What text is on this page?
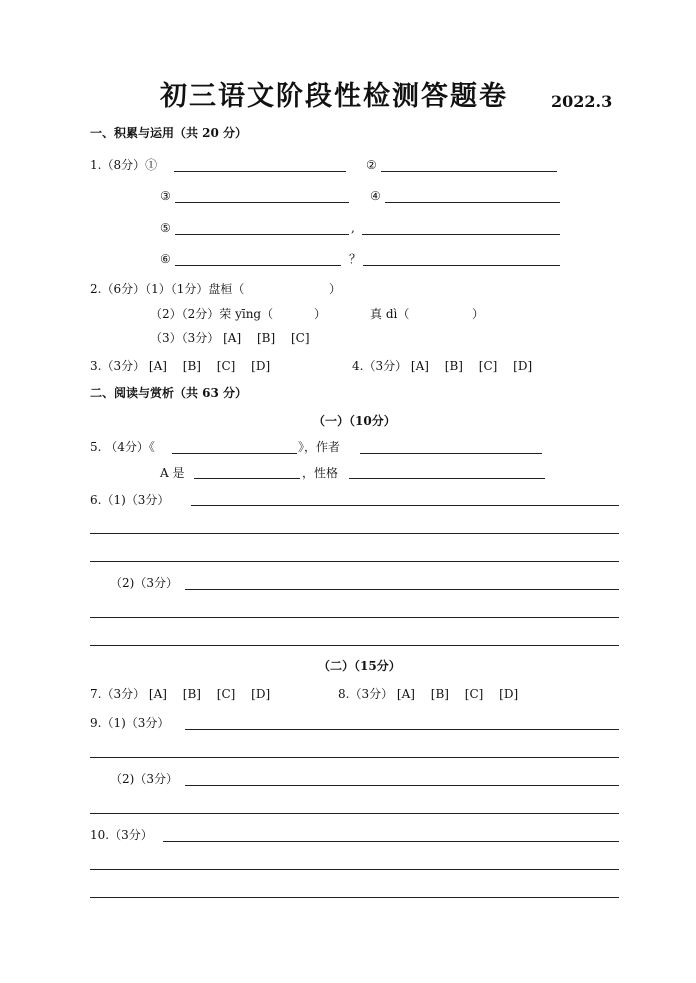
初三语文阶段性检测答题卷	2022.3
一、积累与运用（共 20 分）
1.（8分）①	②
③	④
⑤	,
⑥	？
2.（6分）（1）（1分）盘桓（	）
（2）（2分）荣 yīng（	）	真 dì（	）
（3）（3分） [A] [B] [C]
3.（3分） [A] [B] [C] [D]	4.（3分） [A] [B] [C] [D]
二、阅读与赏析（共 63 分）
（一）（10分）
5. （4分）《	》，作者
A 是	，性格
6.（1)（3分）
（2)（3分）
（二）（15分）
7.（3分） [A] [B] [C] [D]	8.（3分） [A] [B] [C] [D]
9.（1)（3分）
（2)（3分）
10.（3分）
